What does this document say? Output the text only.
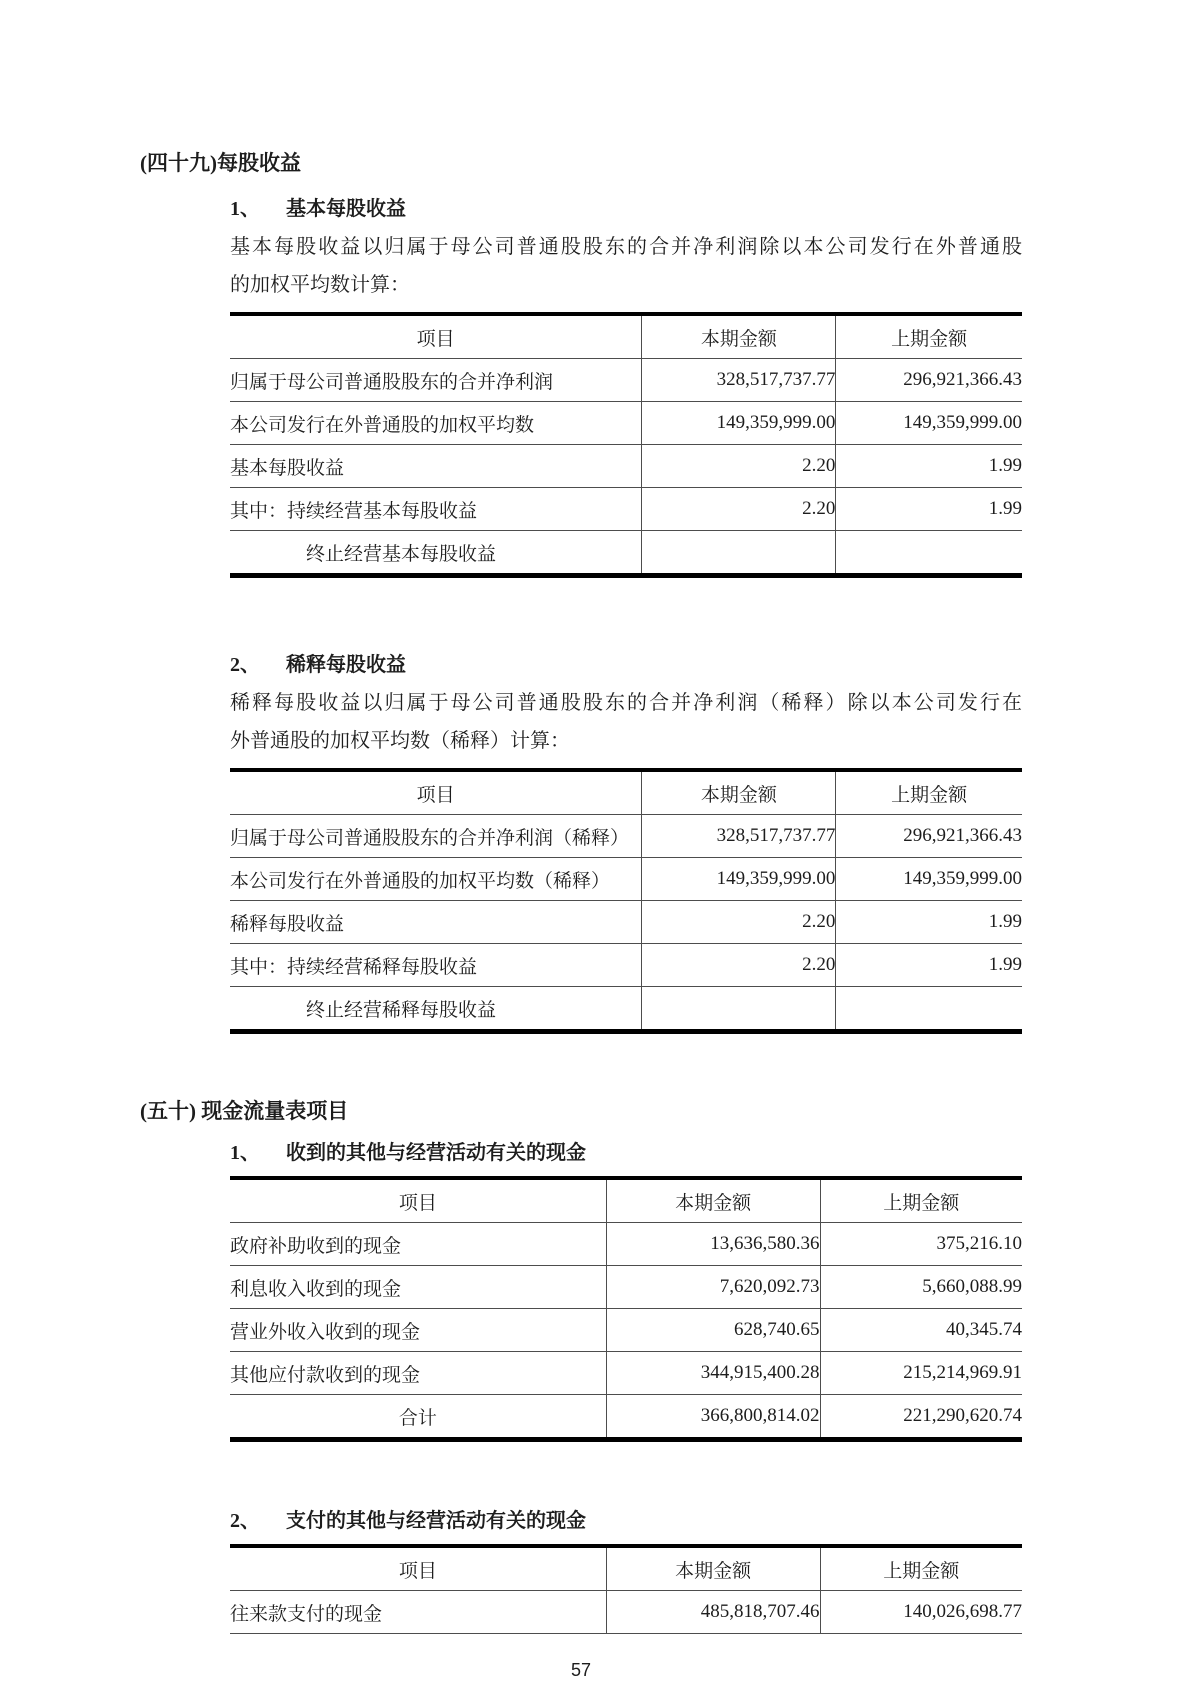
(四十九)每股收益
1、	基本每股收益
基本每股收益以归属于母公司普通股股东的合并净利润除以本公司发行在外普通股
的加权平均数计算：
项目	本期金额	上期金额
归属于母公司普通股股东的合并净利润	328,517,737.77	296,921,366.43
本公司发行在外普通股的加权平均数	149,359,999.00	149,359,999.00
基本每股收益	2.20	1.99
其中：持续经营基本每股收益	2.20	1.99
终止经营基本每股收益		
2、	稀释每股收益
稀释每股收益以归属于母公司普通股股东的合并净利润（稀释）除以本公司发行在
外普通股的加权平均数（稀释）计算：
项目	本期金额	上期金额
归属于母公司普通股股东的合并净利润（稀释）	328,517,737.77	296,921,366.43
本公司发行在外普通股的加权平均数（稀释）	149,359,999.00	149,359,999.00
稀释每股收益	2.20	1.99
其中：持续经营稀释每股收益	2.20	1.99
终止经营稀释每股收益		
(五十) 现金流量表项目
1、	收到的其他与经营活动有关的现金
项目	本期金额	上期金额
政府补助收到的现金	13,636,580.36	375,216.10
利息收入收到的现金	7,620,092.73	5,660,088.99
营业外收入收到的现金	628,740.65	40,345.74
其他应付款收到的现金	344,915,400.28	215,214,969.91
合计	366,800,814.02	221,290,620.74
2、	支付的其他与经营活动有关的现金
项目	本期金额	上期金额
往来款支付的现金	485,818,707.46	140,026,698.77
57
